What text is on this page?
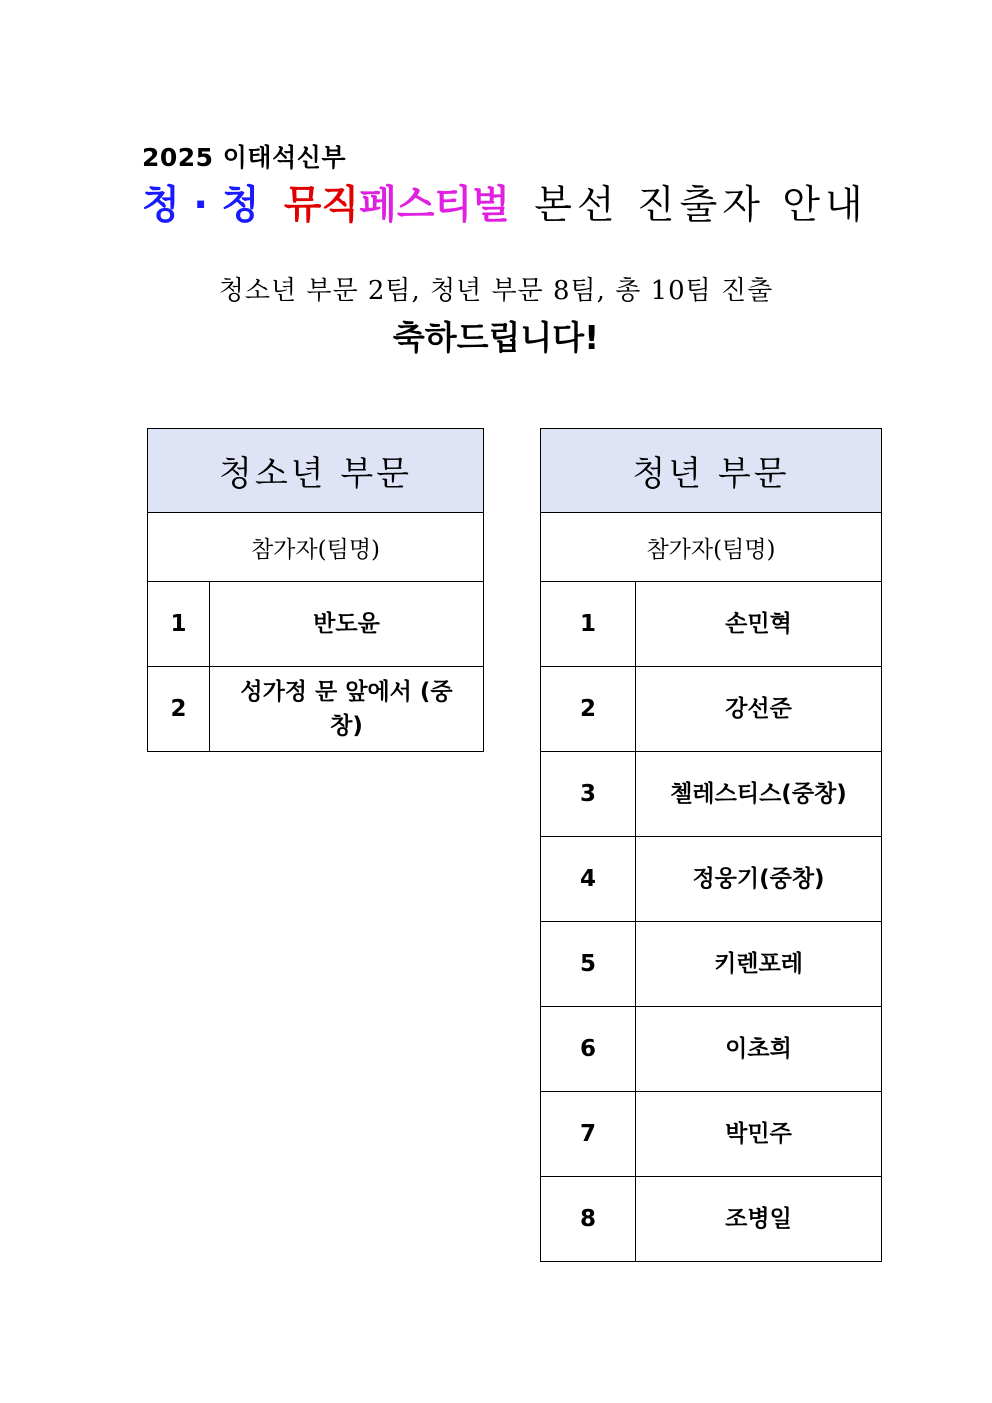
2025 이태석신부
청 · 청 뮤직페스티벌 본선 진출자 안내
청소년 부문 2팀, 청년 부문 8팀, 총 10팀 진출
축하드립니다!
청소년 부문	
참가자(팀명)	
1	반도윤
2	성가정 문 앞에서 (중창)
청년 부문	
참가자(팀명)	
1	손민혁
2	강선준
3	첼레스티스(중창)
4	정웅기(중창)
5	키렌포레
6	이초희
7	박민주
8	조병일
